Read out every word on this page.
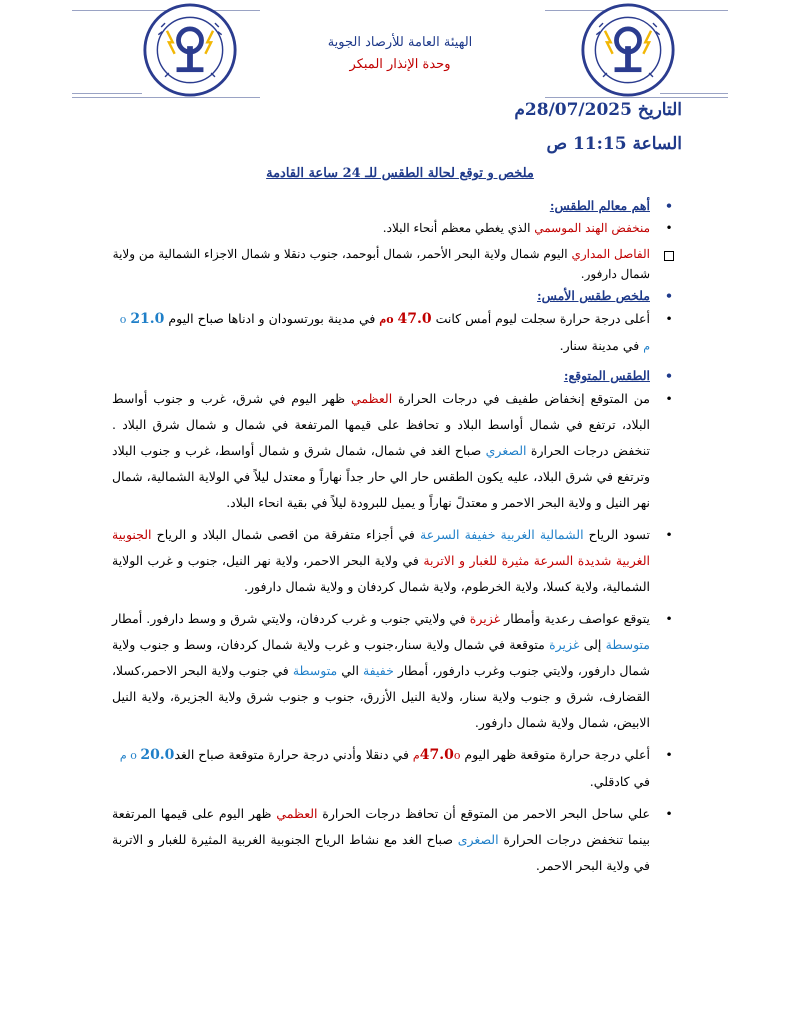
الهيئة العامة للأرصاد الجوية
وحدة الإنذار المبكر
التاريخ 28/07/2025م
الساعة 11:15 ص
ملخص و توقع لحالة الطقس للـ 24 ساعة القادمة
•
أهم معالم الطقس:
•
منخفض الهند الموسمي الذي يغطي معظم أنحاء البلاد.
الفاصل المداري اليوم شمال ولاية البحر الأحمر، شمال أبوحمد، جنوب دنقلا و شمال الاجزاء الشمالية من ولاية شمال دارفور.
•
ملخص طقس الأمس:
•
أعلى درجة حرارة سجلت ليوم أمس كانت 47.0 oم في مدينة بورتسودان و ادناها صباح اليوم 21.0 o م في مدينة سنار.
•
الطقس المتوقع:
•
من المتوقع إنخفاض طفيف في درجات الحرارة العظمي ظهر اليوم في شرق، غرب و جنوب أواسط البلاد، ترتفع في شمال أواسط البلاد و تحافظ على قيمها المرتفعة في شمال و شمال شرق البلاد . تنخفض درجات الحرارة الصغري صباح الغد في شمال، شمال شرق و شمال أواسط، غرب و جنوب البلاد وترتفع في شرق البلاد، عليه يكون الطقس حار الي حار جداً نهاراً و معتدل ليلاً في الولاية الشمالية، شمال نهر النيل و ولاية البحر الاحمر و معتدلً نهاراً و يميل للبرودة ليلاً في بقية انحاء البلاد.
•
تسود الرياح الشمالية الغربية خفيفة السرعة في أجزاء متفرقة من اقصى شمال البلاد و الرياح الجنوبية الغربية شديدة السرعة مثيرة للغبار و الاتربة في ولاية البحر الاحمر، ولاية نهر النيل، جنوب و غرب الولاية الشمالية، ولاية كسلا، ولاية الخرطوم، ولاية شمال كردفان و ولاية شمال دارفور.
•
يتوقع عواصف رعدية وأمطار غزيرة في ولايتي جنوب و غرب كردفان، ولايتي شرق و وسط دارفور. أمطار متوسطة إلى غزيرة متوقعة في شمال ولاية سنار،جنوب و غرب ولاية شمال كردفان، وسط و جنوب ولاية شمال دارفور، ولايتي جنوب وغرب دارفور، أمطار خفيفة الي متوسطة في جنوب ولاية البحر الاحمر،كسلا، القضارف، شرق و جنوب ولاية سنار، ولاية النيل الأزرق، جنوب و جنوب شرق ولاية الجزيرة، ولاية النيل الابيض، شمال ولاية شمال دارفور.
•
أعلي درجة حرارة متوقعة ظهر اليوم 47.0oم في دنقلا وأدني درجة حرارة متوقعة صباح الغد20.0 o م في كادقلي.
•
علي ساحل البحر الاحمر من المتوقع أن تحافظ درجات الحرارة العظمي ظهر اليوم على قيمها المرتفعة بينما تنخفض درجات الحرارة الصغرى صباح الغد مع نشاط الرياح الجنوبية الغربية المثيرة للغبار و الاتربة في ولاية البحر الاحمر.
